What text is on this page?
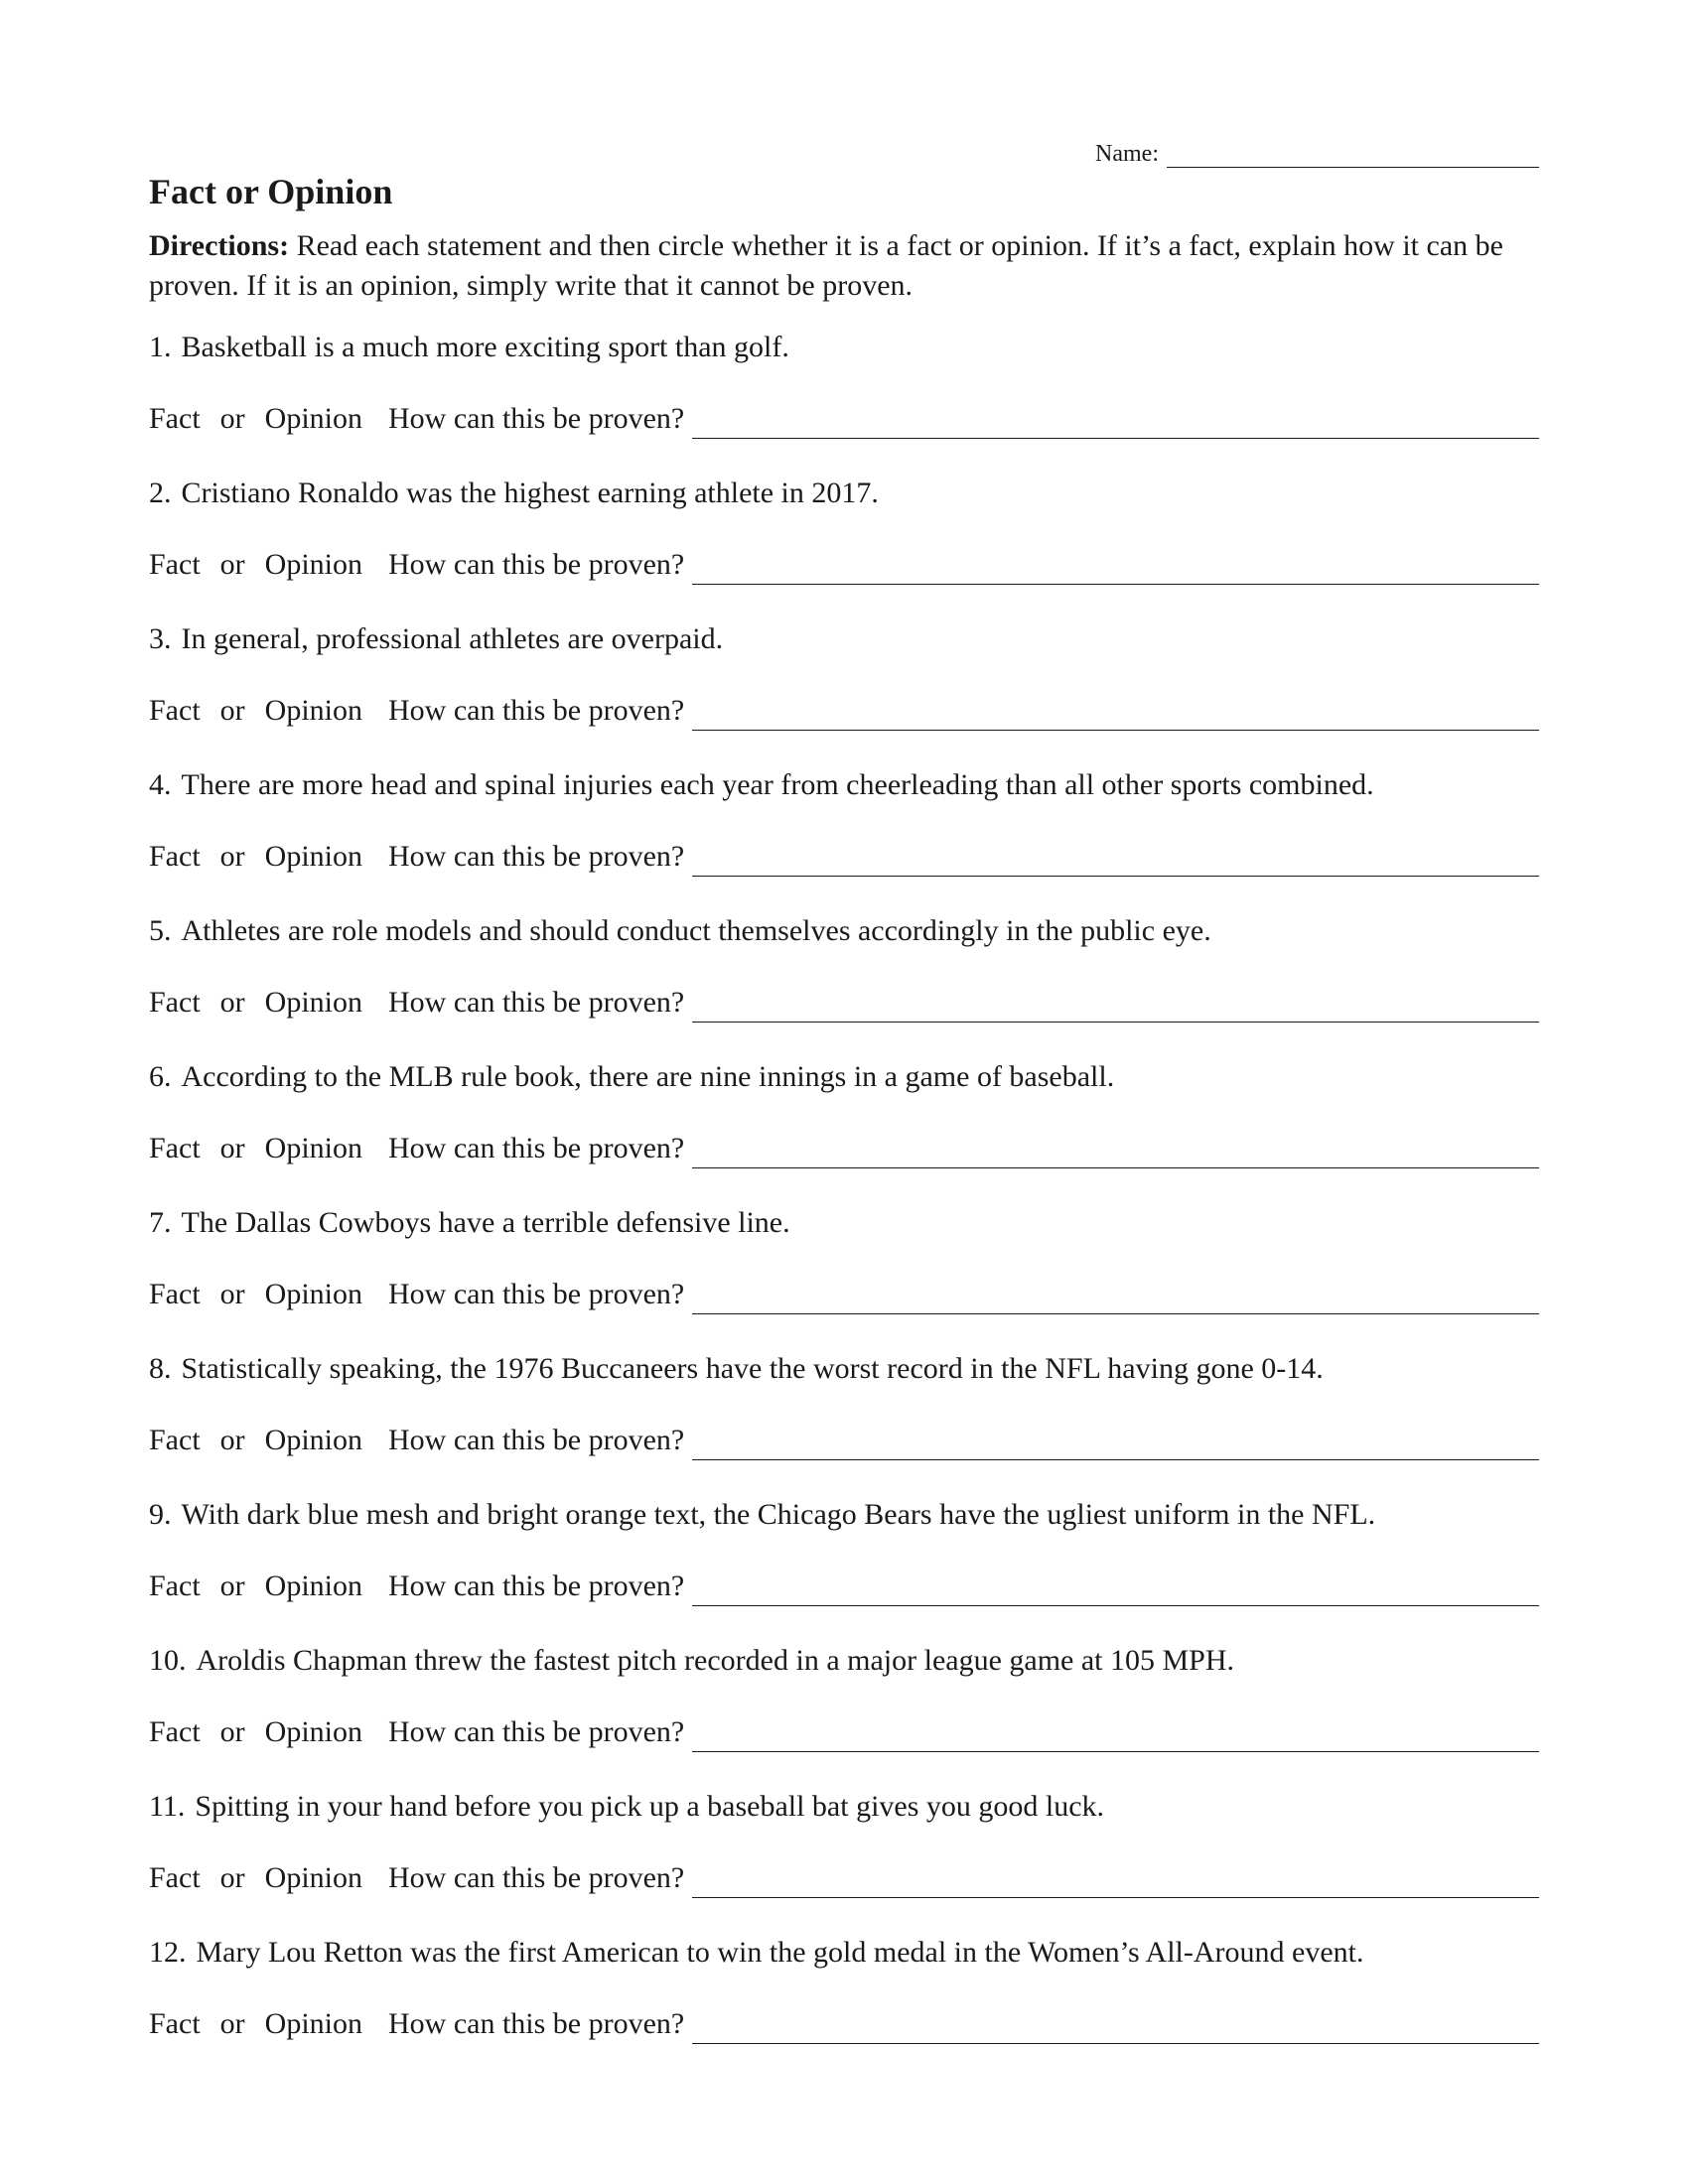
Name:
Fact or Opinion

Directions: Read each statement and then circle whether it is a fact or opinion. If it’s a fact, explain how it can be proven. If it is an opinion, simply write that it cannot be proven.

1. Basketball is a much more exciting sport than golf.
Fact or Opinion How can this be proven?
2. Cristiano Ronaldo was the highest earning athlete in 2017.
Fact or Opinion How can this be proven?
3. In general, professional athletes are overpaid.
Fact or Opinion How can this be proven?
4. There are more head and spinal injuries each year from cheerleading than all other sports combined.
Fact or Opinion How can this be proven?
5. Athletes are role models and should conduct themselves accordingly in the public eye.
Fact or Opinion How can this be proven?
6. According to the MLB rule book, there are nine innings in a game of baseball.
Fact or Opinion How can this be proven?
7. The Dallas Cowboys have a terrible defensive line.
Fact or Opinion How can this be proven?
8. Statistically speaking, the 1976 Buccaneers have the worst record in the NFL having gone 0-14.
Fact or Opinion How can this be proven?
9. With dark blue mesh and bright orange text, the Chicago Bears have the ugliest uniform in the NFL.
Fact or Opinion How can this be proven?
10. Aroldis Chapman threw the fastest pitch recorded in a major league game at 105 MPH.
Fact or Opinion How can this be proven?
11. Spitting in your hand before you pick up a baseball bat gives you good luck.
Fact or Opinion How can this be proven?
12. Mary Lou Retton was the first American to win the gold medal in the Women’s All-Around event.
Fact or Opinion How can this be proven?
